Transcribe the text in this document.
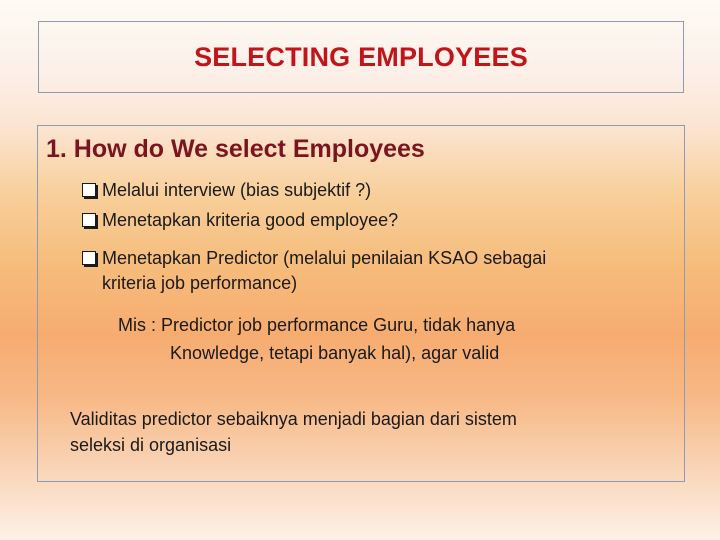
SELECTING EMPLOYEES
1. How do We select Employees
Melalui interview (bias subjektif ?)
Menetapkan kriteria good employee?
Menetapkan Predictor (melalui penilaian KSAO sebagai
kriteria job performance)
Mis : Predictor job performance Guru, tidak hanya
Knowledge, tetapi banyak hal), agar valid
Validitas predictor sebaiknya menjadi bagian dari sistem
seleksi di organisasi
